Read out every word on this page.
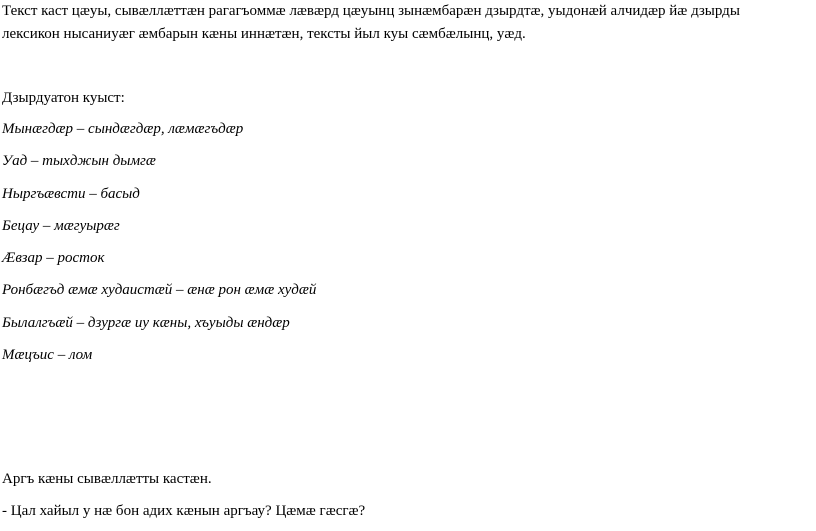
Текст каст цæуы, сывæллæттæн рагагъоммæ лæвæрд цæуынц зынæмбарæн дзырдтæ, уыдонæй алчидæр йæ дзырды
лексикон нысаниуæг æмбарын кæны иннæтæн, тексты йыл куы сæмбæлынц, уæд.
Дзырдуатон куыст:
Мынæгдæр – сындæгдæр, лæмæгъдæр
Уад – тыхджын дымгæ
Ныргъæвсти – басыд
Бецау – мæгуырæг
Æвзар – росток
Ронбæгъд æмæ худаистæй – æнæ рон æмæ худæй
Былалгъæй – дзургæ иу кæны, хъуыды æндæр
Мæцъис – лом
Аргъ кæны сывæллæтты кастæн.
- Цал хайыл у нæ бон адих кæнын аргъау? Цæмæ гæсгæ?
